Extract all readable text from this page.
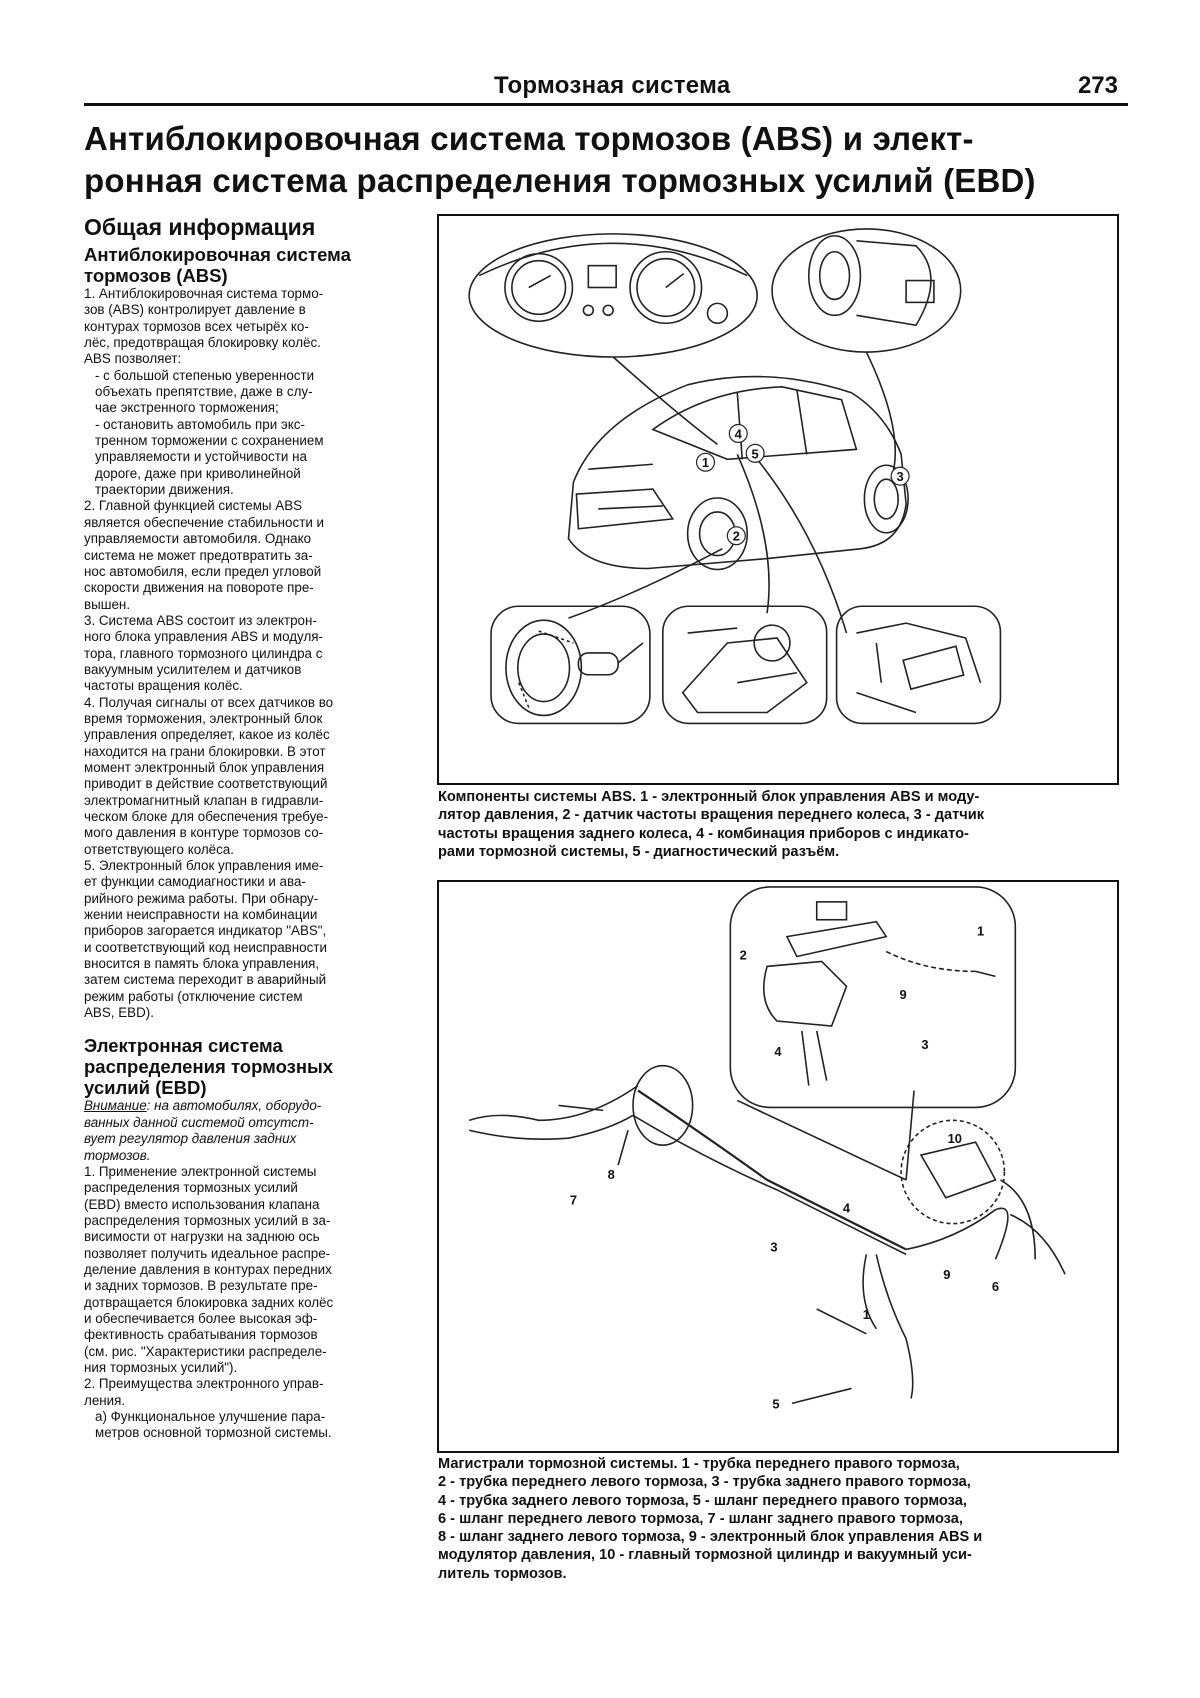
Тормозная система	273
Антиблокировочная система тормозов (ABS) и элект-
ронная система распределения тормозных усилий (EBD)
Общая информация
Антиблокировочная система
тормозов (ABS)

1. Антиблокировочная система тормо-

зов (ABS) контролирует давление в

контурах тормозов всех четырёх ко-

лёс, предотвращая блокировку колёс.

ABS позволяет:

- с большой степенью уверенности

объехать препятствие, даже в слу-

чае экстренного торможения;

- остановить автомобиль при экс-

тренном торможении с сохранением

управляемости и устойчивости на

дороге, даже при криволинейной

траектории движения.

2. Главной функцией системы ABS

является обеспечение стабильности и

управляемости автомобиля. Однако

система не может предотвратить за-

нос автомобиля, если предел угловой

скорости движения на повороте пре-

вышен.

3. Система ABS состоит из электрон-

ного блока управления ABS и модуля-

тора, главного тормозного цилиндра с

вакуумным усилителем и датчиков

частоты вращения колёс.

4. Получая сигналы от всех датчиков во

время торможения, электронный блок

управления определяет, какое из колёс

находится на грани блокировки. В этот

момент электронный блок управления

приводит в действие соответствующий

электромагнитный клапан в гидравли-

ческом блоке для обеспечения требуе-

мого давления в контуре тормозов со-

ответствующего колёса.

5. Электронный блок управления име-

ет функции самодиагностики и ава-

рийного режима работы. При обнару-

жении неисправности на комбинации

приборов загорается индикатор "ABS",

и соответствующий код неисправности

вносится в память блока управления,

затем система переходит в аварийный

режим работы (отключение систем

ABS, EBD).

Электронная система
распределения тормозных
усилий (EBD)

Внимание: на автомобилях, оборудо-

ванных данной системой отсутст-

вует регулятор давления задних

тормозов.

1. Применение электронной системы

распределения тормозных усилий

(EBD) вместо использования клапана

распределения тормозных усилий в за-

висимости от нагрузки на заднюю ось

позволяет получить идеальное распре-

деление давления в контурах передних

и задних тормозов. В результате пре-

дотвращается блокировка задних колёс

и обеспечивается более высокая эф-

фективность срабатывания тормозов

(см. рис. "Характеристики распределе-

ния тормозных усилий").

2. Преимущества электронного управ-

ления.

а) Функциональное улучшение пара-

метров основной тормозной системы.

1
2
3
4
5
Компоненты системы ABS. 1 - электронный блок управления ABS и моду-
лятор давления, 2 - датчик частоты вращения переднего колеса, 3 - датчик
частоты вращения заднего колеса, 4 - комбинация приборов с индикато-
рами тормозной системы, 5 - диагностический разъём.
1
2
3
4
9
10
4
3
8
7
1
5
9
6
Магистрали тормозной системы. 1 - трубка переднего правого тормоза,
2 - трубка переднего левого тормоза, 3 - трубка заднего правого тормоза,
4 - трубка заднего левого тормоза, 5 - шланг переднего правого тормоза,
6 - шланг переднего левого тормоза, 7 - шланг заднего правого тормоза,
8 - шланг заднего левого тормоза, 9 - электронный блок управления ABS и
модулятор давления, 10 - главный тормозной цилиндр и вакуумный уси-
литель тормозов.
